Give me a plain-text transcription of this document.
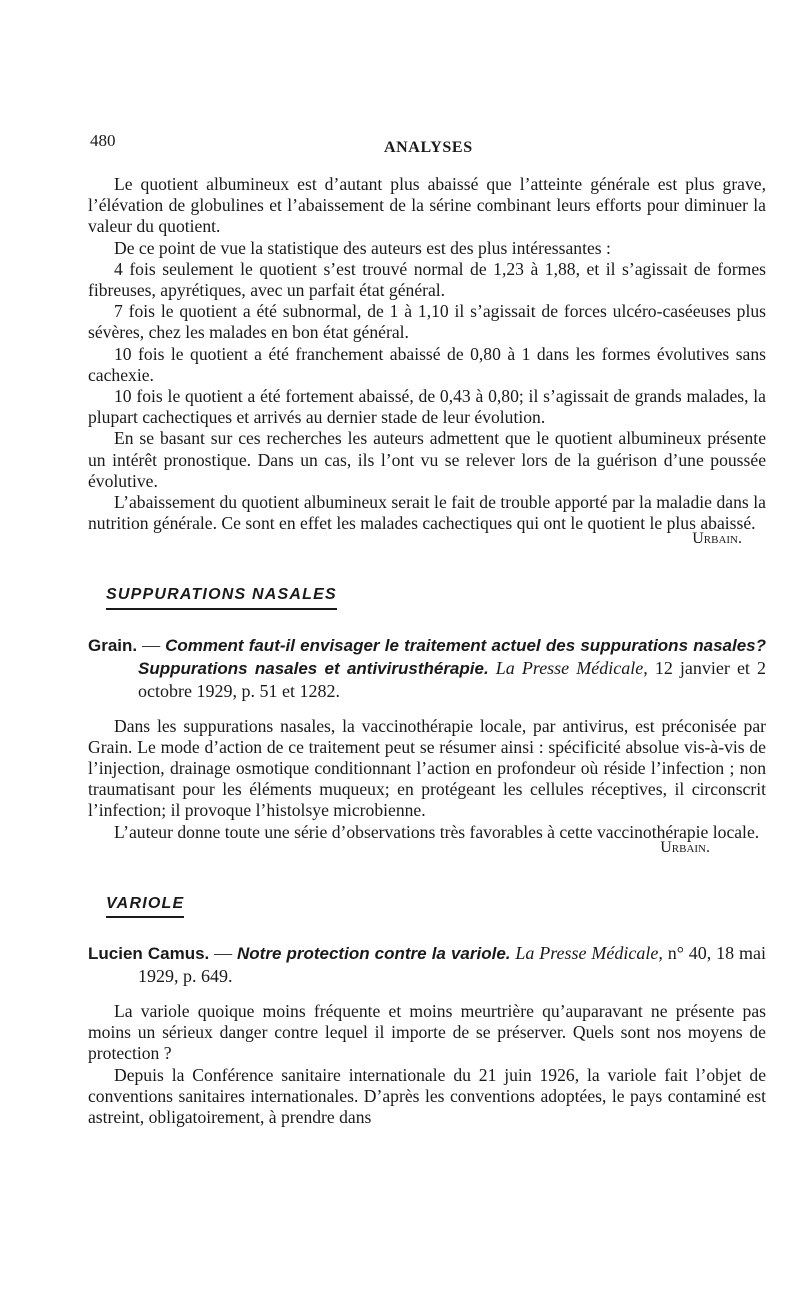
480	ANALYSES

Le quotient albumineux est d’autant plus abaissé que l’atteinte générale est plus grave, l’élévation de globulines et l’abaissement de la sérine combinant leurs efforts pour diminuer la valeur du quotient.

De ce point de vue la statistique des auteurs est des plus intéressantes :

4 fois seulement le quotient s’est trouvé normal de 1,23 à 1,88, et il s’agissait de formes fibreuses, apyrétiques, avec un parfait état général.

7 fois le quotient a été subnormal, de 1 à 1,10 il s’agissait de forces ulcéro-caséeuses plus sévères, chez les malades en bon état général.

10 fois le quotient a été franchement abaissé de 0,80 à 1 dans les formes évolutives sans cachexie.

10 fois le quotient a été fortement abaissé, de 0,43 à 0,80; il s’agissait de grands malades, la plupart cachectiques et arrivés au dernier stade de leur évolution.

En se basant sur ces recherches les auteurs admettent que le quotient albumineux présente un intérêt pronostique. Dans un cas, ils l’ont vu se relever lors de la guérison d’une poussée évolutive.

L’abaissement du quotient albumineux serait le fait de trouble apporté par la maladie dans la nutrition générale. Ce sont en effet les malades cachectiques qui ont le quotient le plus abaissé.

Urbain.
SUPPURATIONS NASALES
Grain. — Comment faut-il envisager le traitement actuel des suppurations nasales? Suppurations nasales et antivirusthérapie. La Presse Médicale, 12 janvier et 2 octobre 1929, p. 51 et 1282.

Dans les suppurations nasales, la vaccinothérapie locale, par antivirus, est préconisée par Grain. Le mode d’action de ce traitement peut se résumer ainsi : spécificité absolue vis-à-vis de l’injection, drainage osmotique conditionnant l’action en profondeur où réside l’infection ; non traumatisant pour les éléments muqueux; en protégeant les cellules réceptives, il circonscrit l’infection; il provoque l’histolsye microbienne.

L’auteur donne toute une série d’observations très favorables à cette vaccinothérapie locale.

Urbain.
VARIOLE
Lucien Camus. — Notre protection contre la variole. La Presse Médicale, n° 40, 18 mai 1929, p. 649.

La variole quoique moins fréquente et moins meurtrière qu’auparavant ne présente pas moins un sérieux danger contre lequel il importe de se préserver. Quels sont nos moyens de protection ?

Depuis la Conférence sanitaire internationale du 21 juin 1926, la variole fait l’objet de conventions sanitaires internationales. D’après les conventions adoptées, le pays contaminé est astreint, obligatoirement, à prendre dans
